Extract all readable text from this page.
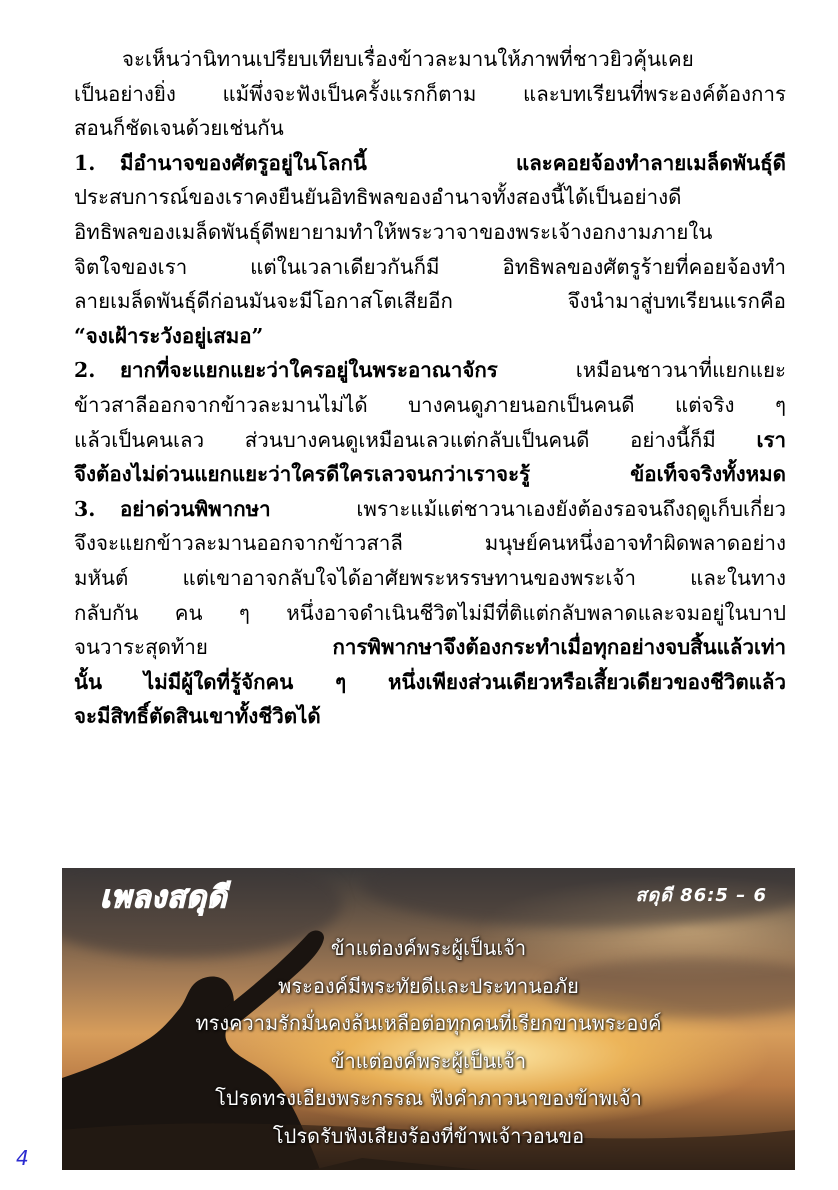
จะเห็นว่านิทานเปรียบเทียบเรื่องข้าวละมานให้ภาพที่ชาวยิวคุ้นเคย
เป็นอย่างยิ่ง แม้พึ่งจะฟังเป็นครั้งแรกก็ตาม และบทเรียนที่พระองค์ต้องการ
สอนก็ชัดเจนด้วยเช่นกัน
1. มีอำนาจของศัตรูอยู่ในโลกนี้ และคอยจ้องทำลายเมล็ดพันธุ์ดี
ประสบการณ์ของเราคงยืนยันอิทธิพลของอำนาจทั้งสองนี้ได้เป็นอย่างดี
อิทธิพลของเมล็ดพันธุ์ดีพยายามทำให้พระวาจาของพระเจ้างอกงามภายใน
จิตใจของเรา แต่ในเวลาเดียวกันก็มี อิทธิพลของศัตรูร้ายที่คอยจ้องทำ
ลายเมล็ดพันธุ์ดีก่อนมันจะมีโอกาสโตเสียอีก จึงนำมาสู่บทเรียนแรกคือ
“จงเฝ้าระวังอยู่เสมอ”
2. ยากที่จะแยกแยะว่าใครอยู่ในพระอาณาจักร เหมือนชาวนาที่แยกแยะ
ข้าวสาลีออกจากข้าวละมานไม่ได้ บางคนดูภายนอกเป็นคนดี แต่จริง ๆ
แล้วเป็นคนเลว ส่วนบางคนดูเหมือนเลวแต่กลับเป็นคนดี อย่างนี้ก็มี เรา
จึงต้องไม่ด่วนแยกแยะว่าใครดีใครเลวจนกว่าเราจะรู้ ข้อเท็จจริงทั้งหมด
3. อย่าด่วนพิพากษา เพราะแม้แต่ชาวนาเองยังต้องรอจนถึงฤดูเก็บเกี่ยว
จึงจะแยกข้าวละมานออกจากข้าวสาลี มนุษย์คนหนึ่งอาจทำผิดพลาดอย่าง
มหันต์ แต่เขาอาจกลับใจได้อาศัยพระหรรษทานของพระเจ้า และในทาง
กลับกัน คน ๆ หนึ่งอาจดำเนินชีวิตไม่มีที่ติแต่กลับพลาดและจมอยู่ในบาป
จนวาระสุดท้าย การพิพากษาจึงต้องกระทำเมื่อทุกอย่างจบสิ้นแล้วเท่า
นั้น ไม่มีผู้ใดที่รู้จักคน ๆ หนึ่งเพียงส่วนเดียวหรือเสี้ยวเดียวของชีวิตแล้ว
จะมีสิทธิ์ตัดสินเขาทั้งชีวิตได้
เพลงสดุดี	สดุดี 86:5 – 6
ข้าแต่องค์พระผู้เป็นเจ้า
พระองค์มีพระทัยดีและประทานอภัย
ทรงความรักมั่นคงล้นเหลือต่อทุกคนที่เรียกขานพระองค์
ข้าแต่องค์พระผู้เป็นเจ้า
โปรดทรงเอียงพระกรรณ ฟังคำภาวนาของข้าพเจ้า
โปรดรับฟังเสียงร้องที่ข้าพเจ้าวอนขอ
4
